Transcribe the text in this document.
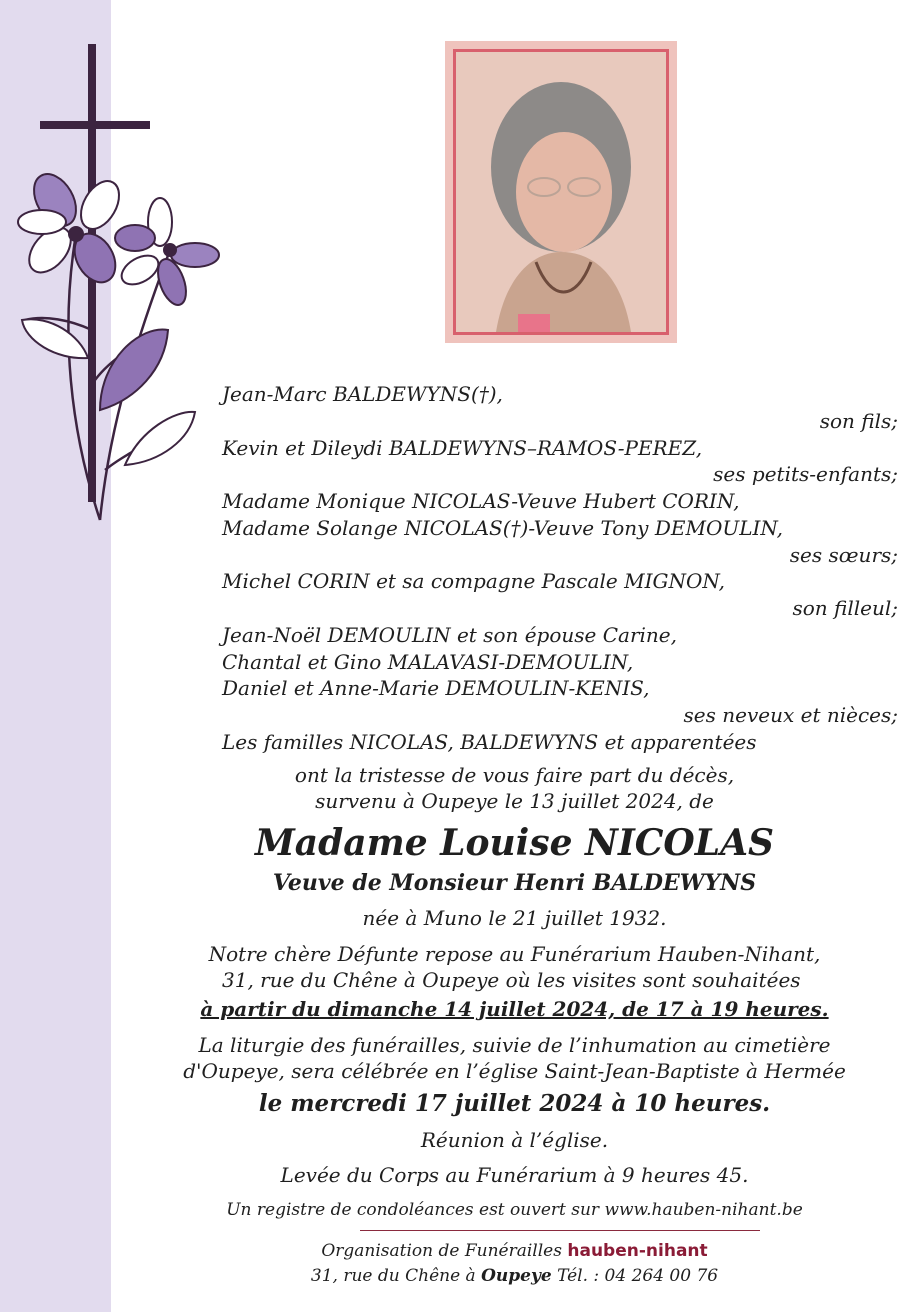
Jean-Marc BALDEWYNS(†),
son fils;
Kevin et Dileydi BALDEWYNS–RAMOS-PEREZ,
ses petits-enfants;
Madame Monique NICOLAS-Veuve Hubert CORIN,
Madame Solange NICOLAS(†)-Veuve Tony DEMOULIN,
ses sœurs;
Michel CORIN et sa compagne Pascale MIGNON,
son filleul;
Jean-Noël DEMOULIN et son épouse Carine,
Chantal et Gino MALAVASI-DEMOULIN,
Daniel et Anne-Marie DEMOULIN-KENIS,
ses neveux et nièces;
Les familles NICOLAS, BALDEWYNS et apparentées
ont la tristesse de vous faire part du décès,
survenu à Oupeye le 13 juillet 2024, de
Madame Louise NICOLAS
Veuve de Monsieur Henri BALDEWYNS
née à Muno le 21 juillet 1932.
Notre chère Défunte repose au Funérarium Hauben-Nihant,
31, rue du Chêne à Oupeye où les visites sont souhaitées
à partir du dimanche 14 juillet 2024, de 17 à 19 heures.
La liturgie des funérailles, suivie de l’inhumation au cimetière
d'Oupeye, sera célébrée en l’église Saint-Jean-Baptiste à Hermée
le mercredi 17 juillet 2024 à 10 heures.
Réunion à l’église.
Levée du Corps au Funérarium à 9 heures 45.
Un registre de condoléances est ouvert sur www.hauben-nihant.be
Organisation de Funérailles hauben-nihant
31, rue du Chêne à Oupeye Tél. : 04 264 00 76
